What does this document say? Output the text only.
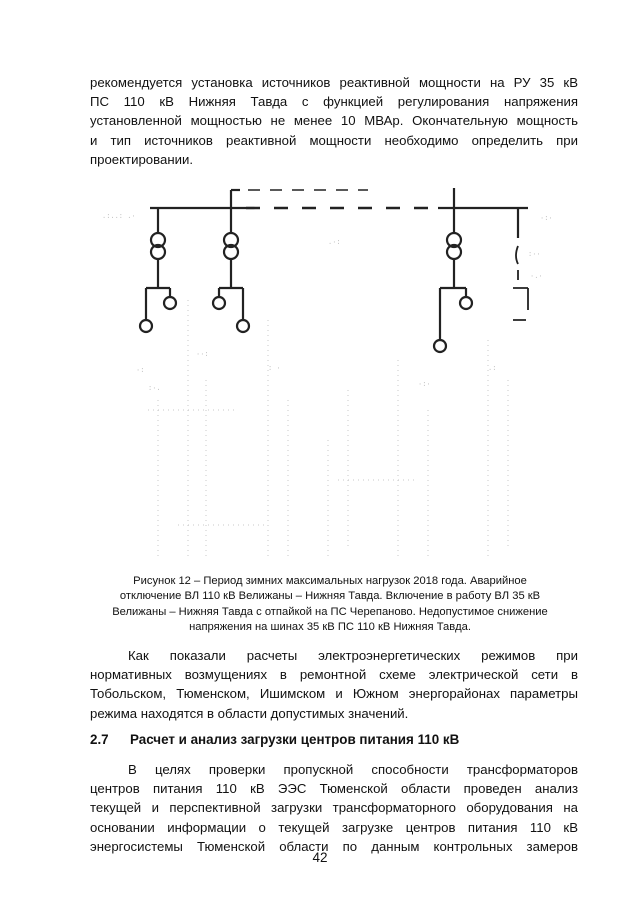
рекомендуется установка источников реактивной мощности на РУ 35 кВ
ПС 110 кВ Нижняя Тавда с функцией регулирования напряжения
установленной мощностью не менее 10 МВАр. Окончательную мощность
и тип источников реактивной мощности необходимо определить при
проектировании.
.:..: .·
.·:
·:·
:··
·.·
·:
:·.
··:
: ·
·:·
.:
Рисунок 12 – Период зимних максимальных нагрузок 2018 года. Аварийное
отключение ВЛ 110 кВ Велижаны – Нижняя Тавда. Включение в работу ВЛ 35 кВ
Велижаны – Нижняя Тавда с отпайкой на ПС Черепаново. Недопустимое снижение
напряжения на шинах 35 кВ ПС 110 кВ Нижняя Тавда.
Как показали расчеты электроэнергетических режимов при
нормативных возмущениях в ремонтной схеме электрической сети в
Тобольском, Тюменском, Ишимском и Южном энергорайонах параметры
режима находятся в области допустимых значений.
2.7 Расчет и анализ загрузки центров питания 110 кВ
В целях проверки пропускной способности трансформаторов
центров питания 110 кВ ЭЭС Тюменской области проведен анализ
текущей и перспективной загрузки трансформаторного оборудования на
основании информации о текущей загрузке центров питания 110 кВ
энергосистемы Тюменской области по данным контрольных замеров
42
